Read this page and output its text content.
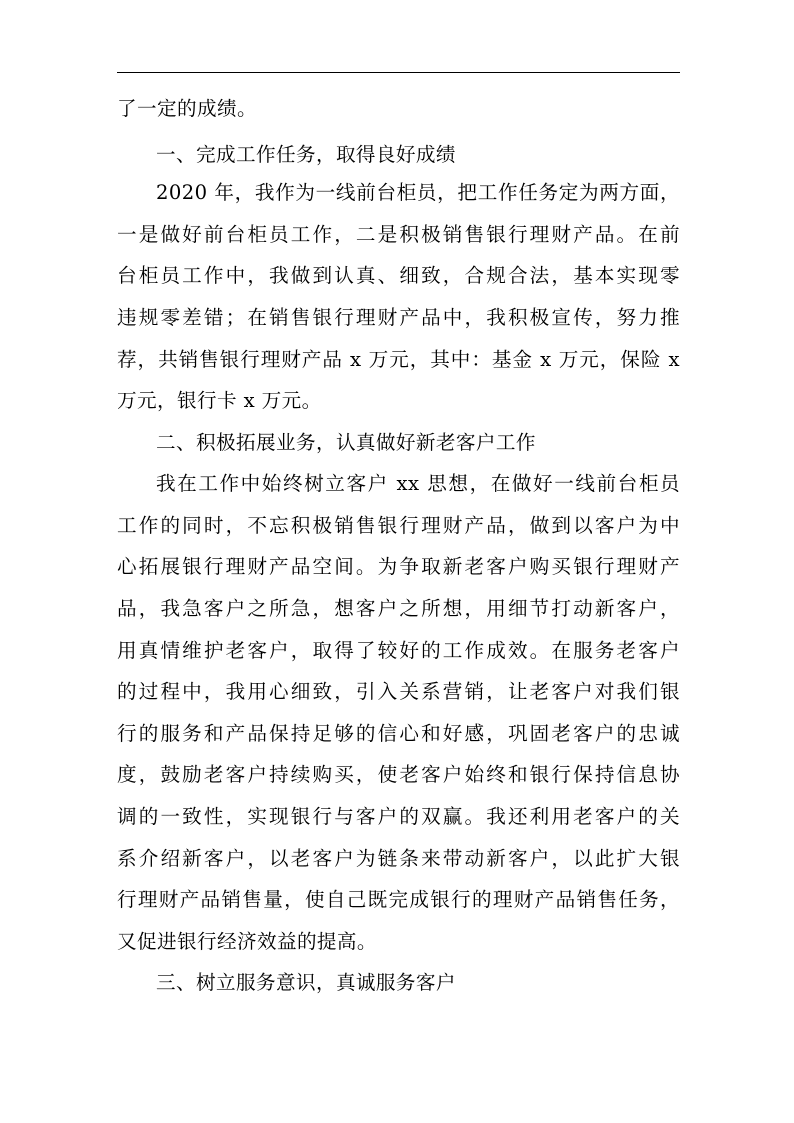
了一定的成绩。
一、完成工作任务，取得良好成绩
2020 年，我作为一线前台柜员，把工作任务定为两方面，
一是做好前台柜员工作，二是积极销售银行理财产品。在前
台柜员工作中，我做到认真、细致，合规合法，基本实现零
违规零差错；在销售银行理财产品中，我积极宣传，努力推
荐，共销售银行理财产品 x 万元，其中：基金 x 万元，保险 x
万元，银行卡 x 万元。
二、积极拓展业务，认真做好新老客户工作
我在工作中始终树立客户 xx 思想，在做好一线前台柜员
工作的同时，不忘积极销售银行理财产品，做到以客户为中
心拓展银行理财产品空间。为争取新老客户购买银行理财产
品，我急客户之所急，想客户之所想，用细节打动新客户，
用真情维护老客户，取得了较好的工作成效。在服务老客户
的过程中，我用心细致，引入关系营销，让老客户对我们银
行的服务和产品保持足够的信心和好感，巩固老客户的忠诚
度，鼓励老客户持续购买，使老客户始终和银行保持信息协
调的一致性，实现银行与客户的双赢。我还利用老客户的关
系介绍新客户，以老客户为链条来带动新客户，以此扩大银
行理财产品销售量，使自己既完成银行的理财产品销售任务，
又促进银行经济效益的提高。
三、树立服务意识，真诚服务客户
